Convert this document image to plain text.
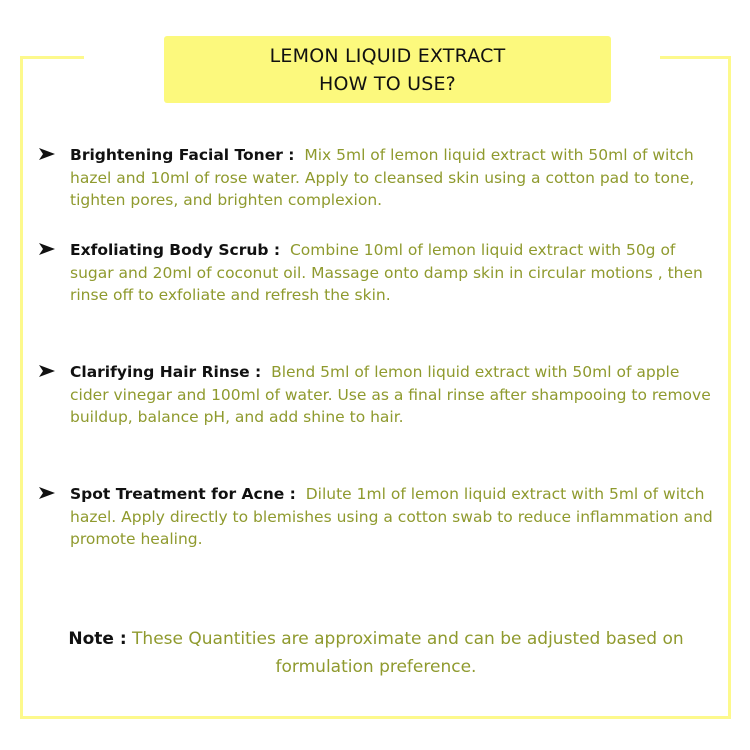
LEMON LIQUID EXTRACT
HOW TO USE?
Brightening Facial Toner : Mix 5ml of lemon liquid extract with 50ml of witch hazel and 10ml of rose water. Apply to cleansed skin using a cotton pad to tone, tighten pores, and brighten complexion.
Exfoliating Body Scrub : Combine 10ml of lemon liquid extract with 50g of sugar and 20ml of coconut oil. Massage onto damp skin in circular motions , then rinse off to exfoliate and refresh the skin.
Clarifying Hair Rinse : Blend 5ml of lemon liquid extract with 50ml of apple cider vinegar and 100ml of water. Use as a final rinse after shampooing to remove buildup, balance pH, and add shine to hair.
Spot Treatment for Acne : Dilute 1ml of lemon liquid extract with 5ml of witch hazel. Apply directly to blemishes using a cotton swab to reduce inflammation and promote healing.
Note : These Quantities are approximate and can be adjusted based on formulation preference.
